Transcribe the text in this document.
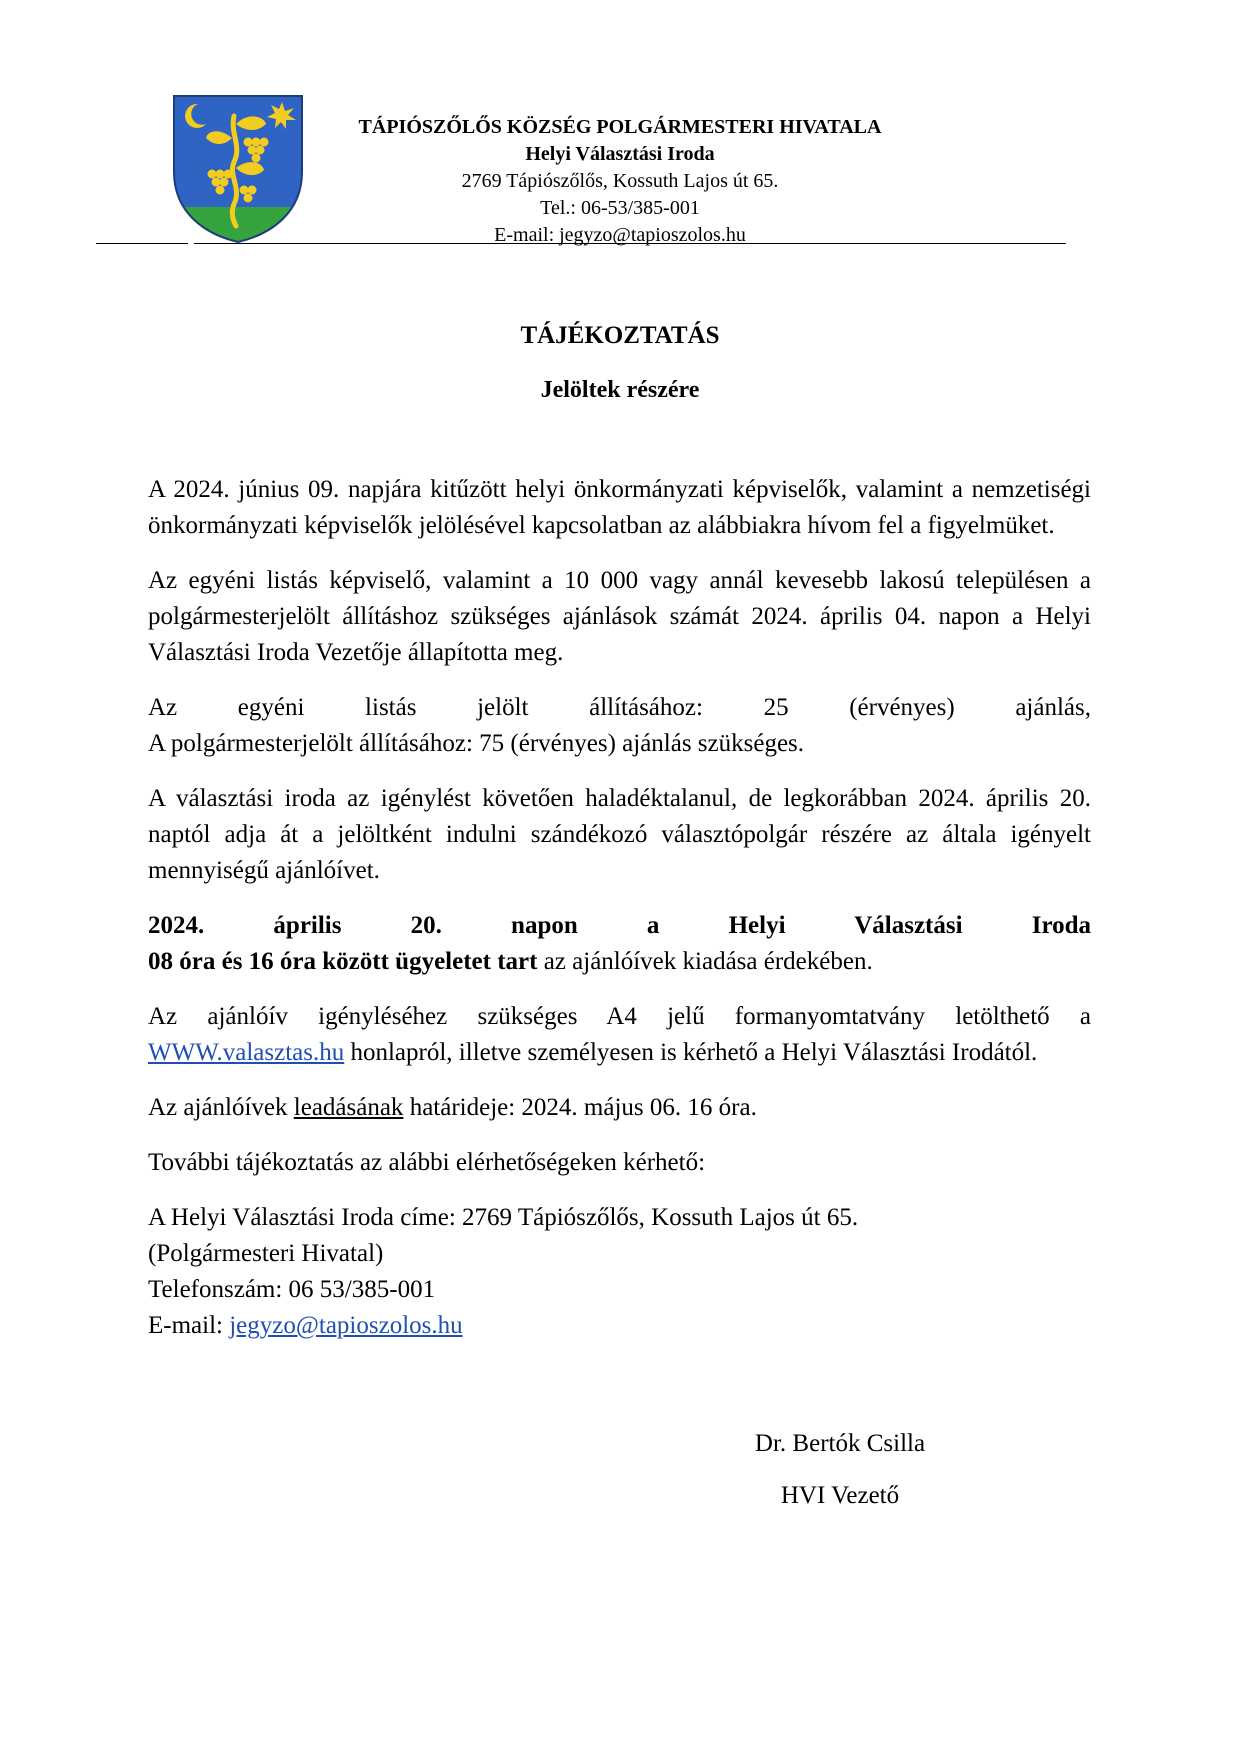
TÁPIÓSZŐLŐS KÖZSÉG POLGÁRMESTERI HIVATALA
Helyi Választási Iroda
2769 Tápiószőlős, Kossuth Lajos út 65.
Tel.: 06-53/385-001
E-mail: jegyzo@tapioszolos.hu
TÁJÉKOZTATÁS
Jelöltek részére

A 2024. június 09. napjára kitűzött helyi önkormányzati képviselők, valamint a nemzetiségi önkormányzati képviselők jelölésével kapcsolatban az alábbiakra hívom fel a figyelmüket.

Az egyéni listás képviselő, valamint a 10 000 vagy annál kevesebb lakosú településen a polgármesterjelölt állításhoz szükséges ajánlások számát 2024. április 04. napon a Helyi Választási Iroda Vezetője állapította meg.

Az egyéni listás jelölt állításához: 25 (érvényes) ajánlás,
A polgármesterjelölt állításához: 75 (érvényes) ajánlás szükséges.

A választási iroda az igénylést követően haladéktalanul, de legkorábban 2024. április 20. naptól adja át a jelöltként indulni szándékozó választópolgár részére az általa igényelt mennyiségű ajánlóívet.

2024. április 20. napon a Helyi Választási Iroda
08 óra és 16 óra között ügyeletet tart az ajánlóívek kiadása érdekében.

Az ajánlóív igényléséhez szükséges A4 jelű formanyomtatvány letölthető a WWW.valasztas.hu honlapról, illetve személyesen is kérhető a Helyi Választási Irodától.

Az ajánlóívek leadásának határideje: 2024. május 06. 16 óra.

További tájékoztatás az alábbi elérhetőségeken kérhető:

A Helyi Választási Iroda címe: 2769 Tápiószőlős, Kossuth Lajos út 65.
(Polgármesteri Hivatal)
Telefonszám: 06 53/385-001
E-mail: jegyzo@tapioszolos.hu

Dr. Bertók Csilla
HVI Vezető
